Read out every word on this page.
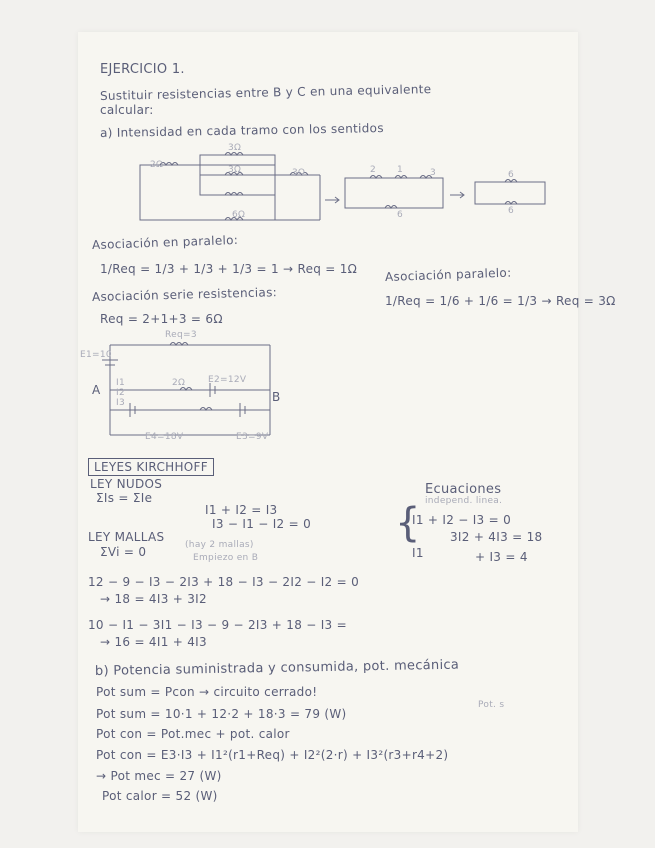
EJERCICIO 1.
Sustituir resistencias entre B y C en una equivalente
calcular:
a) Intensidad en cada tramo con los sentidos
2Ω
3Ω
3Ω	3Ω
6Ω
2 1	3
6
6
6
Asociación en paralelo:
1/Req = 1/3 + 1/3 + 1/3 = 1 → Req = 1Ω Asociación paralelo:
1/Req = 1/6 + 1/6 = 1/3 → Req = 3Ω
Asociación serie resistencias:
Req = 2+1+3 = 6Ω
Req=3
E1=10
A	B
2Ω	E2=12V
E4=18V	E3=9V
I1
I2
I3
LEYES KIRCHHOFF
LEY NUDOS
ΣIs = ΣIe
I1 + I2 = I3
I3 − I1 − I2 = 0
LEY MALLAS
(hay 2 mallas)
ΣVi = 0	Empiezo en B
12 − 9 − I3 − 2I3 + 18 − I3 − 2I2 − I2 = 0
→ 18 = 4I3 + 3I2
10 − I1 − 3I1 − I3 − 9 − 2I3 + 18 − I3 =
→ 16 = 4I1 + 4I3
Ecuaciones
independ. linea.
{
I1 + I2 − I3 = 0
3I2 + 4I3 = 18
I1	+ I3 = 4
b) Potencia suministrada y consumida, pot. mecánica
Pot sum = Pcon → circuito cerrado!
Pot. s
Pot sum = 10·1 + 12·2 + 18·3 = 79 (W)
Pot con = Pot.mec + pot. calor
Pot con = E3·I3 + I1²(r1+Req) + I2²(2·r) + I3²(r3+r4+2)
→ Pot mec = 27 (W)
Pot calor = 52 (W)
